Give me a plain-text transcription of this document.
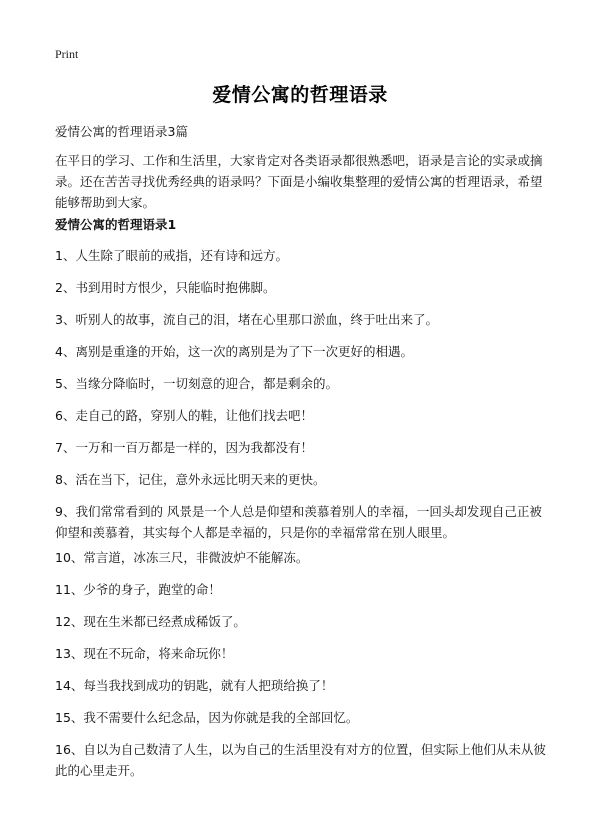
Print
爱情公寓的哲理语录
爱情公寓的哲理语录3篇
在平日的学习、工作和生活里，大家肯定对各类语录都很熟悉吧，语录是言论的实录或摘录。还在苦苦寻找优秀经典的语录吗？下面是小编收集整理的爱情公寓的哲理语录，希望能够帮助到大家。
爱情公寓的哲理语录1
1、人生除了眼前的戒指，还有诗和远方。
2、书到用时方恨少，只能临时抱佛脚。
3、听别人的故事，流自己的泪，堵在心里那口淤血，终于吐出来了。
4、离别是重逢的开始，这一次的离别是为了下一次更好的相遇。
5、当缘分降临时，一切刻意的迎合，都是剩余的。
6、走自己的路，穿别人的鞋，让他们找去吧！
7、一万和一百万都是一样的，因为我都没有！
8、活在当下，记住，意外永远比明天来的更快。
9、我们常常看到的 风景是一个人总是仰望和羡慕着别人的幸福，一回头却发现自己正被仰望和羡慕着，其实每个人都是幸福的，只是你的幸福常常在别人眼里。
10、常言道，冰冻三尺，非微波炉不能解冻。
11、少爷的身子，跑堂的命！
12、现在生米都已经煮成稀饭了。
13、现在不玩命，将来命玩你！
14、每当我找到成功的钥匙，就有人把琐给换了！
15、我不需要什么纪念品，因为你就是我的全部回忆。
16、自以为自己数清了人生，以为自己的生活里没有对方的位置，但实际上他们从未从彼此的心里走开。
